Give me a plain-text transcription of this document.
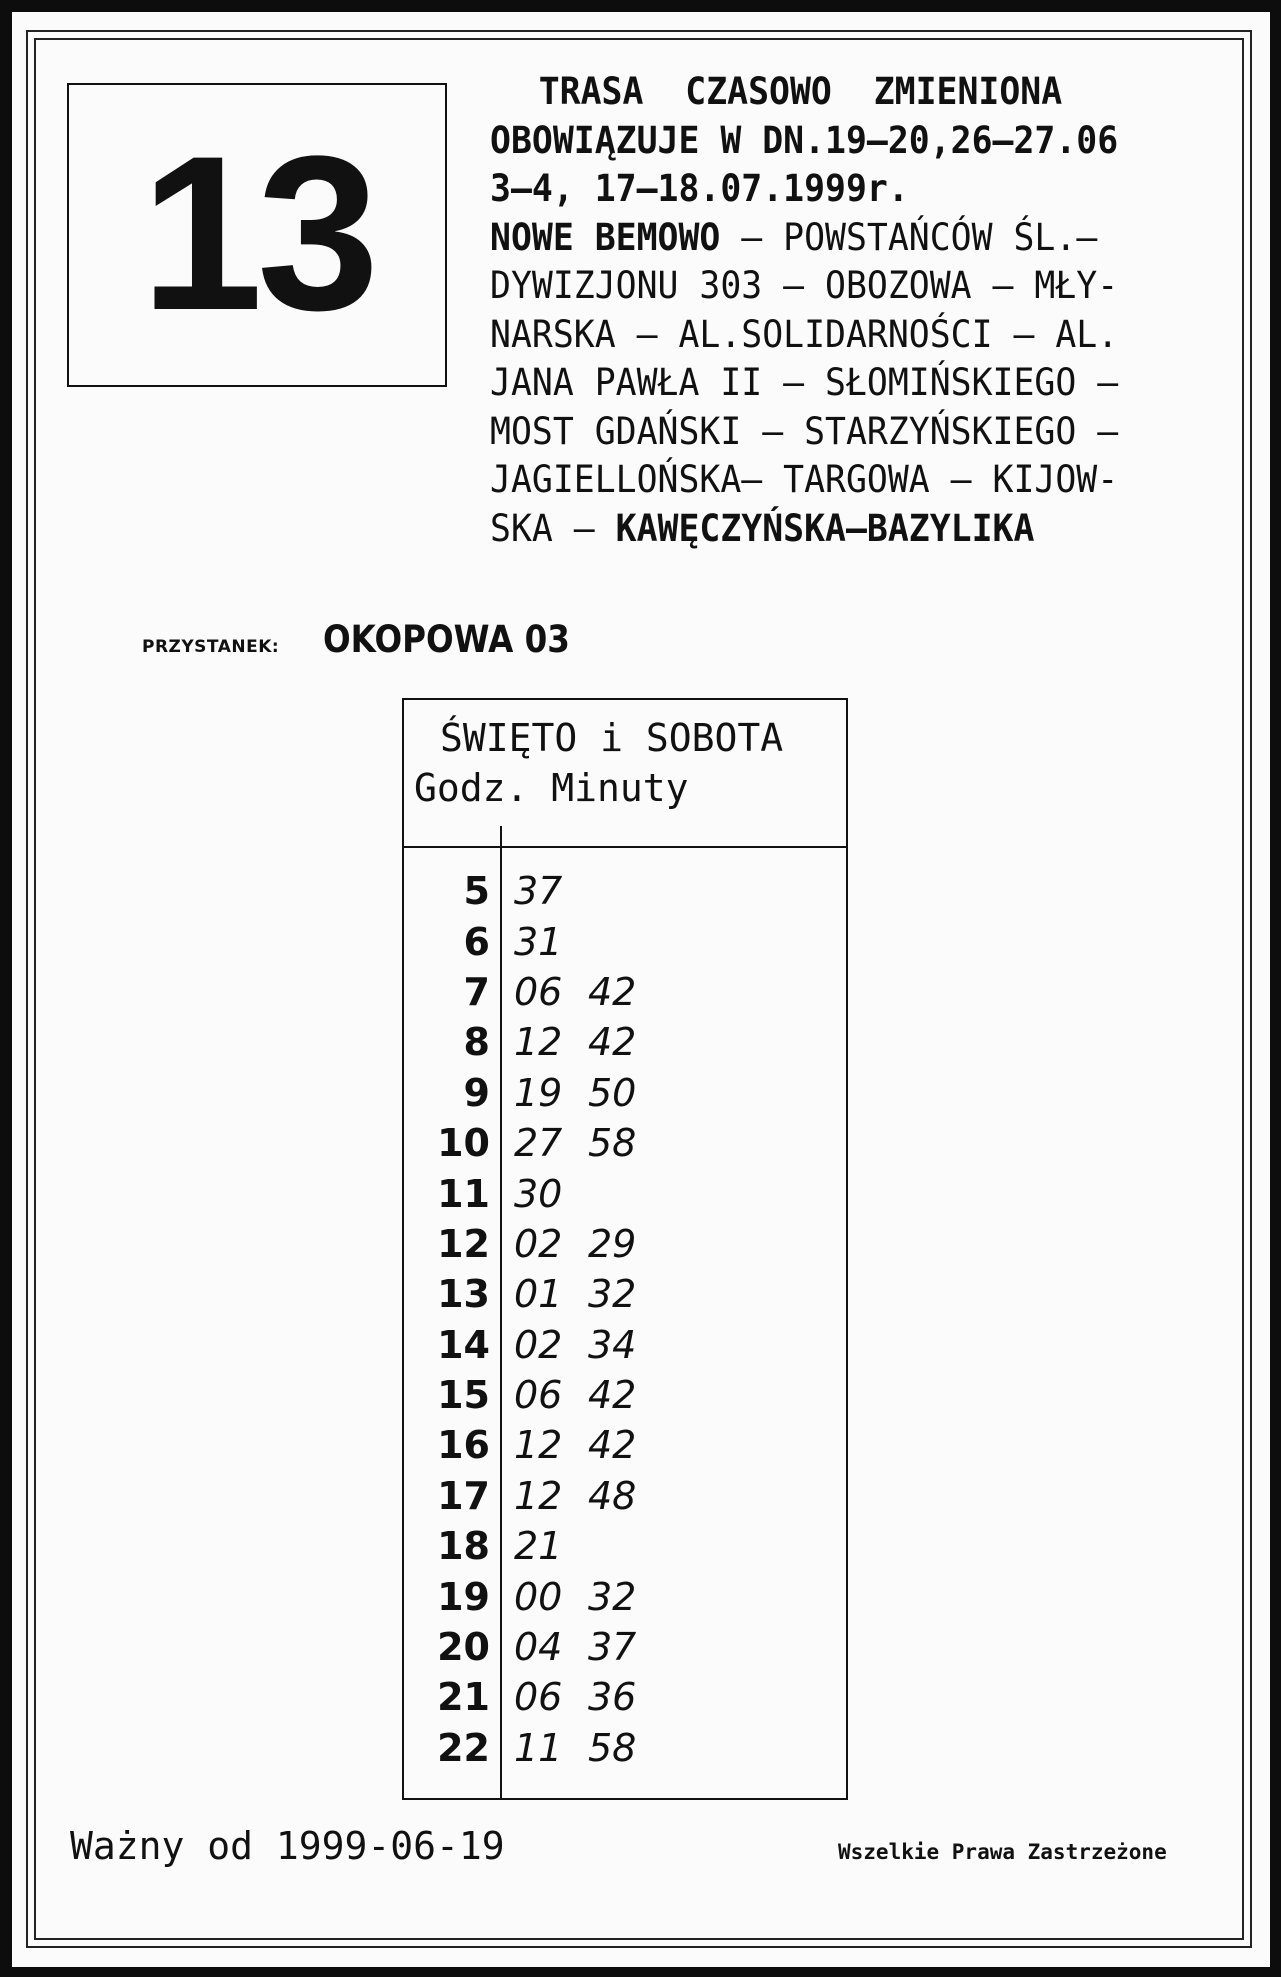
13
TRASA  CZASOWO  ZMIENIONA
OBOWIĄZUJE W DN.19–20,26–27.06
3–4, 17–18.07.1999r.
NOWE BEMOWO – POWSTAŃCÓW ŚL.–
DYWIZJONU 303 – OBOZOWA – MŁY-
NARSKA – AL.SOLIDARNOŚCI – AL.
JANA PAWŁA II – SŁOMIŃSKIEGO –
MOST GDAŃSKI – STARZYŃSKIEGO –
JAGIELLOŃSKA– TARGOWA – KIJOW-
SKA – KAWĘCZYŃSKA–BAZYLIKA
PRZYSTANEK: OKOPOWA 03
ŚWIĘTO i SOBOTA
Godz. Minuty
5 37
6 31
7 06 42
8 12 42
9 19 50
10 27 58
11 30
12 02 29
13 01 32
14 02 34
15 06 42
16 12 42
17 12 48
18 21
19 00 32
20 04 37
21 06 36
22 11 58
Ważny od 1999-06-19	Wszelkie Prawa Zastrzeżone
